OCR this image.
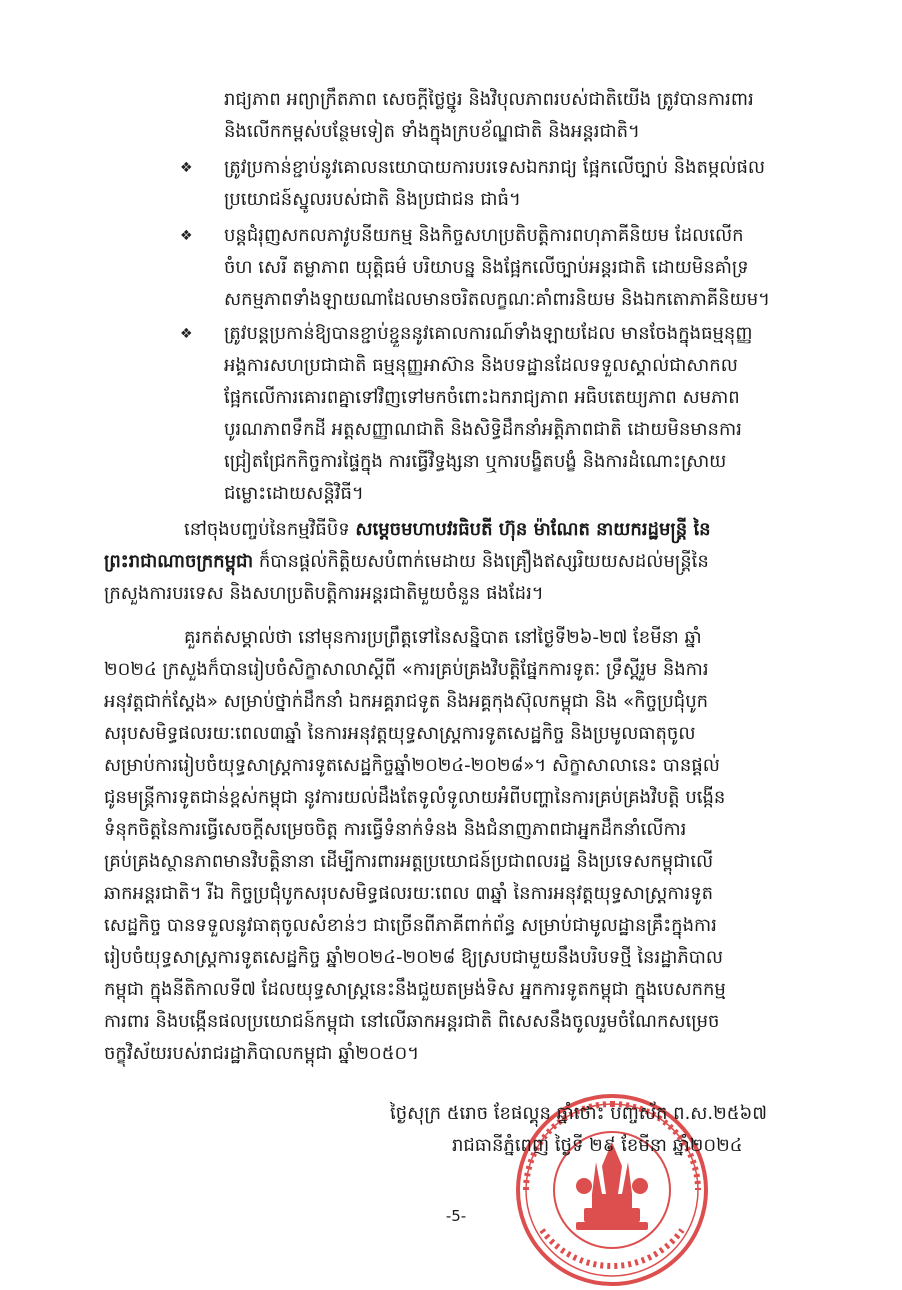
រាជ្យភាព អព្យាក្រឹតភាព សេចក្តីថ្លៃថ្នូរ និងវិបុលភាពរបស់ជាតិយើង ត្រូវបានការពារ
និងលើកកម្ពស់បន្ថែមទៀត ទាំងក្នុងក្របខ័ណ្ឌជាតិ និងអន្តរជាតិ។
❖ ត្រូវប្រកាន់ខ្ជាប់នូវគោលនយោបាយការបរទេសឯករាជ្យ ផ្អែកលើច្បាប់ និងតម្កល់ផល
ប្រយោជន៍ស្នូលរបស់ជាតិ និងប្រជាជន ជាធំ។
❖ បន្តជំរុញសកលភាវូបនីយកម្ម និងកិច្ចសហប្រតិបត្តិការពហុភាគីនិយម ដែលលើក
ចំហ សេរី តម្លាភាព យុត្តិធម៌ បរិយាបន្ន និងផ្អែកលើច្បាប់អន្តរជាតិ ដោយមិនគាំទ្រ
សកម្មភាពទាំងឡាយណាដែលមានចរិតលក្ខណៈគាំពារនិយម និងឯកតោភាគីនិយម។
❖ ត្រូវបន្តប្រកាន់ឱ្យបានខ្ជាប់ខ្ជួននូវគោលការណ៍ទាំងឡាយដែល មានចែងក្នុងធម្មនុញ្ញ
អង្គការសហប្រជាជាតិ ធម្មនុញ្ញអាស៊ាន និងបទដ្ឋានដែលទទួលស្គាល់ជាសាកល
ផ្អែកលើការគោរពគ្នាទៅវិញទៅមកចំពោះឯករាជ្យភាព អធិបតេយ្យភាព សមភាព
បូរណភាពទឹកដី អត្តសញ្ញាណជាតិ និងសិទ្ធិដឹកនាំអត្តិភាពជាតិ ដោយមិនមានការ
ជ្រៀតជ្រែកកិច្ចការផ្ទៃក្នុង ការធ្វើវិទ្ធង្សនា ឬការបង្ខិតបង្ខំ និងការដំណោះស្រាយ
ជម្លោះដោយសន្តិវិធី។
នៅចុងបញ្ចប់នៃកម្មវិធីបិទ សម្តេចមហាបវរធិបតី ហ៊ុន ម៉ាណែត នាយករដ្ឋមន្ត្រី នៃ
ព្រះរាជាណាចក្រកម្ពុជា ក៏បានផ្តល់កិត្តិយសបំពាក់មេដាយ និងគ្រឿងឥស្សរិយយសដល់មន្ត្រីនៃ
ក្រសួងការបរទេស និងសហប្រតិបត្តិការអន្តរជាតិមួយចំនួន ផងដែរ។
គួរកត់សម្គាល់ថា នៅមុនការប្រព្រឹត្តទៅនៃសន្និបាត នៅថ្ងៃទី២៦-២៧ ខែមីនា ឆ្នាំ
២០២៤ ក្រសួងក៏បានរៀបចំសិក្ខាសាលាស្តីពី «ការគ្រប់គ្រងវិបត្តិផ្នែកការទូតៈ ទ្រឹស្តីរួម និងការ
អនុវត្តជាក់ស្តែង» សម្រាប់ថ្នាក់ដឹកនាំ ឯកអគ្គរាជទូត និងអគ្គកុងស៊ុលកម្ពុជា និង «កិច្ចប្រជុំបូក
សរុបសមិទ្ធផលរយៈពេល៣ឆ្នាំ នៃការអនុវត្តយុទ្ធសាស្ត្រការទូតសេដ្ឋកិច្ច និងប្រមូលធាតុចូល
សម្រាប់ការរៀបចំយុទ្ធសាស្ត្រការទូតសេដ្ឋកិច្ចឆ្នាំ២០២៤-២០២៨»។ សិក្ខាសាលានេះ បានផ្តល់
ជូនមន្ត្រីការទូតជាន់ខ្ពស់កម្ពុជា នូវការយល់ដឹងតែទូលំទូលាយអំពីបញ្ហានៃការគ្រប់គ្រងវិបត្តិ បង្កើន
ទំនុកចិត្តនៃការធ្វើសេចក្តីសម្រេចចិត្ត ការធ្វើទំនាក់ទំនង និងជំនាញភាពជាអ្នកដឹកនាំលើការ
គ្រប់គ្រងស្ថានភាពមានវិបត្តិនានា ដើម្បីការពារអត្តប្រយោជន៍ប្រជាពលរដ្ឋ និងប្រទេសកម្ពុជាលើ
ឆាកអន្តរជាតិ។ រីឯ កិច្ចប្រជុំបូកសរុបសមិទ្ធផលរយៈពេល ៣ឆ្នាំ នៃការអនុវត្តយុទ្ធសាស្ត្រការទូត
សេដ្ឋកិច្ច បានទទួលនូវធាតុចូលសំខាន់ៗ ជាច្រើនពីភាគីពាក់ព័ន្ធ សម្រាប់ជាមូលដ្ឋានគ្រឹះក្នុងការ
រៀបចំយុទ្ធសាស្ត្រការទូតសេដ្ឋកិច្ច ឆ្នាំ២០២៤-២០២៨ ឱ្យស្របជាមួយនឹងបរិបទថ្មី នៃរដ្ឋាភិបាល
កម្ពុជា ក្នុងនីតិកាលទី៧ ដែលយុទ្ធសាស្ត្រនេះនឹងជួយតម្រង់ទិស អ្នកការទូតកម្ពុជា ក្នុងបេសកកម្ម
ការពារ និងបង្កើនផលប្រយោជន៍កម្ពុជា នៅលើឆាកអន្តរជាតិ ពិសេសនឹងចូលរួមចំណែកសម្រេច
ចក្ខុវិស័យរបស់រាជរដ្ឋាភិបាលកម្ពុជា ឆ្នាំ២០៥០។
ថ្ងៃសុក្រ ៥រោច ខែផល្គុន ឆ្នាំថោះ បញ្ចស័ក ព.ស.២៥៦៧
រាជធានីភ្នំពេញ ថ្ងៃទី ២៩ ខែមីនា ឆ្នាំ២០២៤
-5-
